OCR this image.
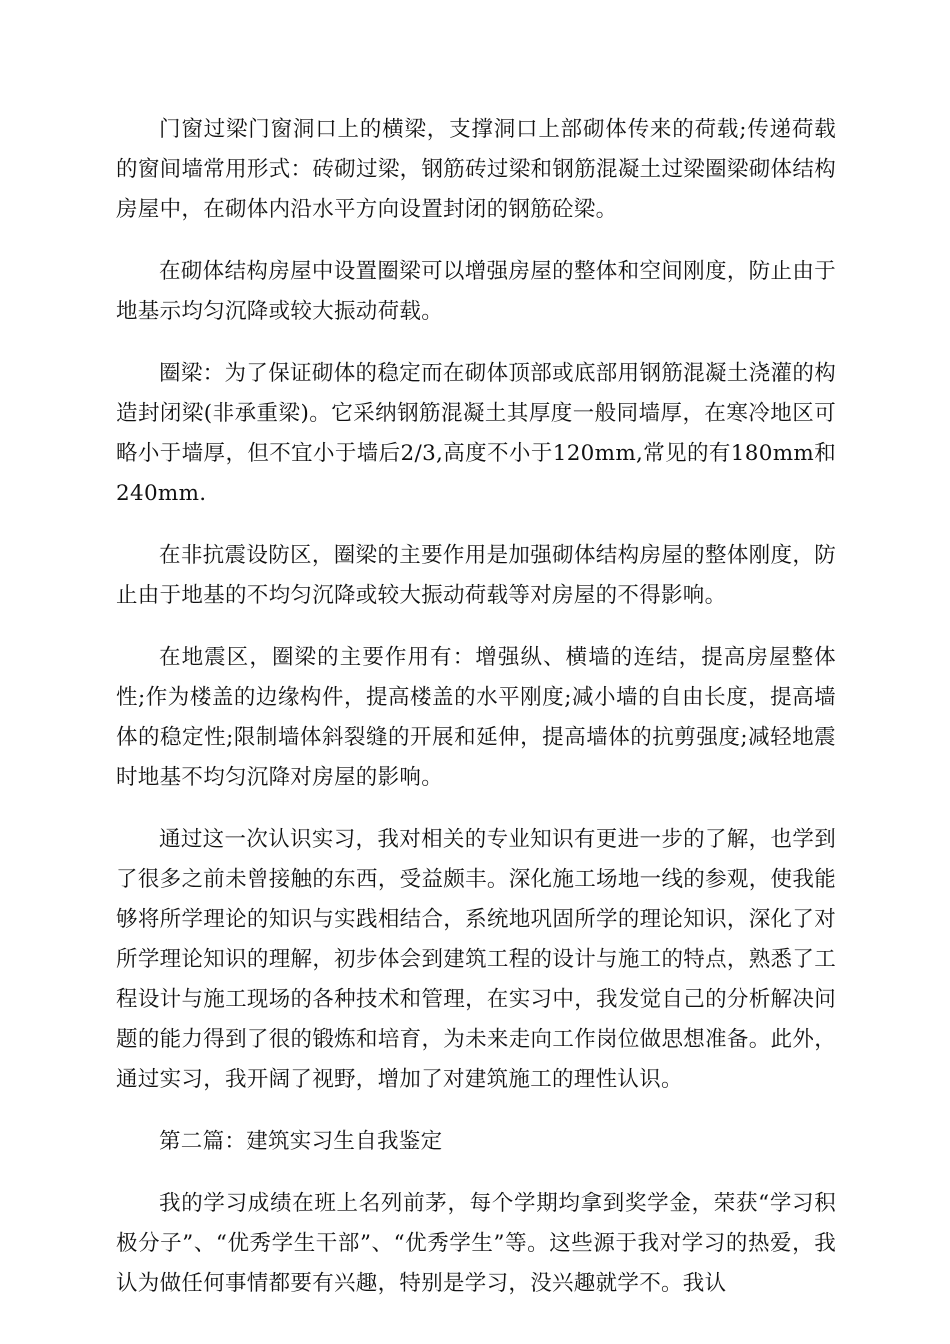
门窗过梁门窗洞口上的横梁，支撑洞口上部砌体传来的荷载;传递荷载的窗间墙常用形式：砖砌过梁，钢筋砖过梁和钢筋混凝土过梁圈梁砌体结构房屋中，在砌体内沿水平方向设置封闭的钢筋砼梁。

在砌体结构房屋中设置圈梁可以增强房屋的整体和空间刚度，防止由于地基示均匀沉降或较大振动荷载。

圈梁：为了保证砌体的稳定而在砌体顶部或底部用钢筋混凝土浇灌的构造封闭梁(非承重梁)。它采纳钢筋混凝土其厚度一般同墙厚，在寒冷地区可略小于墙厚，但不宜小于墙后2/3,高度不小于120mm,常见的有180mm和240mm.

在非抗震设防区，圈梁的主要作用是加强砌体结构房屋的整体刚度，防止由于地基的不均匀沉降或较大振动荷载等对房屋的不得影响。

在地震区，圈梁的主要作用有：增强纵、横墙的连结，提高房屋整体性;作为楼盖的边缘构件，提高楼盖的水平刚度;减小墙的自由长度，提高墙体的稳定性;限制墙体斜裂缝的开展和延伸，提高墙体的抗剪强度;减轻地震时地基不均匀沉降对房屋的影响。

通过这一次认识实习，我对相关的专业知识有更进一步的了解，也学到了很多之前未曾接触的东西，受益颇丰。深化施工场地一线的参观，使我能够将所学理论的知识与实践相结合，系统地巩固所学的理论知识，深化了对所学理论知识的理解，初步体会到建筑工程的设计与施工的特点，熟悉了工程设计与施工现场的各种技术和管理，在实习中，我发觉自己的分析解决问题的能力得到了很的锻炼和培育，为未来走向工作岗位做思想准备。此外，通过实习，我开阔了视野，增加了对建筑施工的理性认识。

第二篇：建筑实习生自我鉴定

我的学习成绩在班上名列前茅，每个学期均拿到奖学金，荣获“学习积极分子”、“优秀学生干部”、“优秀学生”等。这些源于我对学习的热爱，我认为做任何事情都要有兴趣，特别是学习，没兴趣就学不。我认
